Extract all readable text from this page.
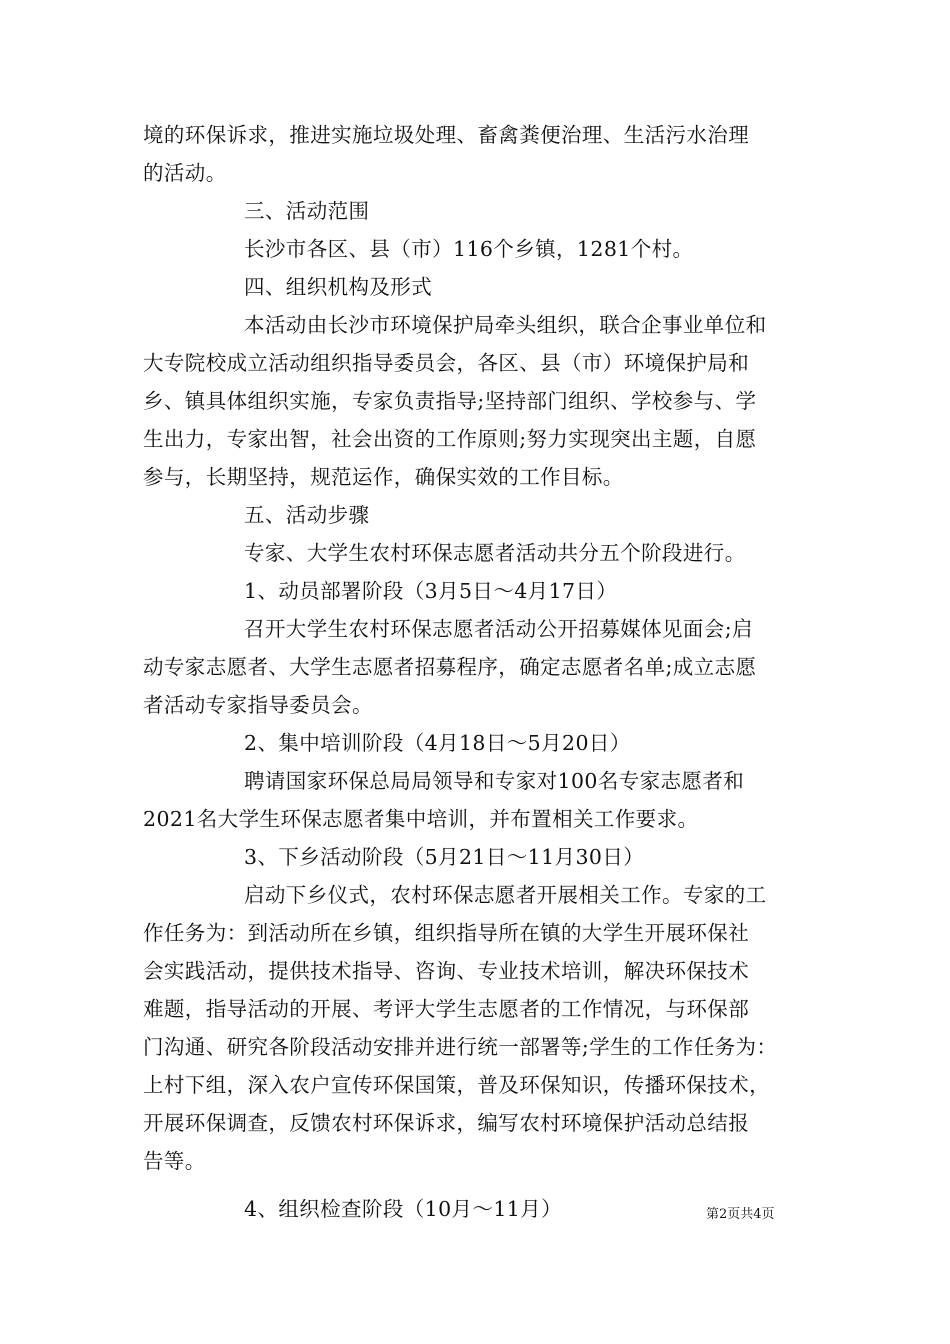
境的环保诉求，推进实施垃圾处理、畜禽粪便治理、生活污水治理
的活动。
三、活动范围
长沙市各区、县（市）116个乡镇，1281个村。
四、组织机构及形式
本活动由长沙市环境保护局牵头组织，联合企事业单位和
大专院校成立活动组织指导委员会，各区、县（市）环境保护局和
乡、镇具体组织实施，专家负责指导;坚持部门组织、学校参与、学
生出力，专家出智，社会出资的工作原则;努力实现突出主题，自愿
参与，长期坚持，规范运作，确保实效的工作目标。
五、活动步骤
专家、大学生农村环保志愿者活动共分五个阶段进行。
1、动员部署阶段（3月5日～4月17日）
召开大学生农村环保志愿者活动公开招募媒体见面会;启
动专家志愿者、大学生志愿者招募程序，确定志愿者名单;成立志愿
者活动专家指导委员会。
2、集中培训阶段（4月18日～5月20日）
聘请国家环保总局局领导和专家对100名专家志愿者和
2021名大学生环保志愿者集中培训，并布置相关工作要求。
3、下乡活动阶段（5月21日～11月30日）
启动下乡仪式，农村环保志愿者开展相关工作。专家的工
作任务为：到活动所在乡镇，组织指导所在镇的大学生开展环保社
会实践活动，提供技术指导、咨询、专业技术培训，解决环保技术
难题，指导活动的开展、考评大学生志愿者的工作情况，与环保部
门沟通、研究各阶段活动安排并进行统一部署等;学生的工作任务为：
上村下组，深入农户宣传环保国策，普及环保知识，传播环保技术，
开展环保调查，反馈农村环保诉求，编写农村环境保护活动总结报
告等。
4、组织检查阶段（10月～11月）	第2页共4页
